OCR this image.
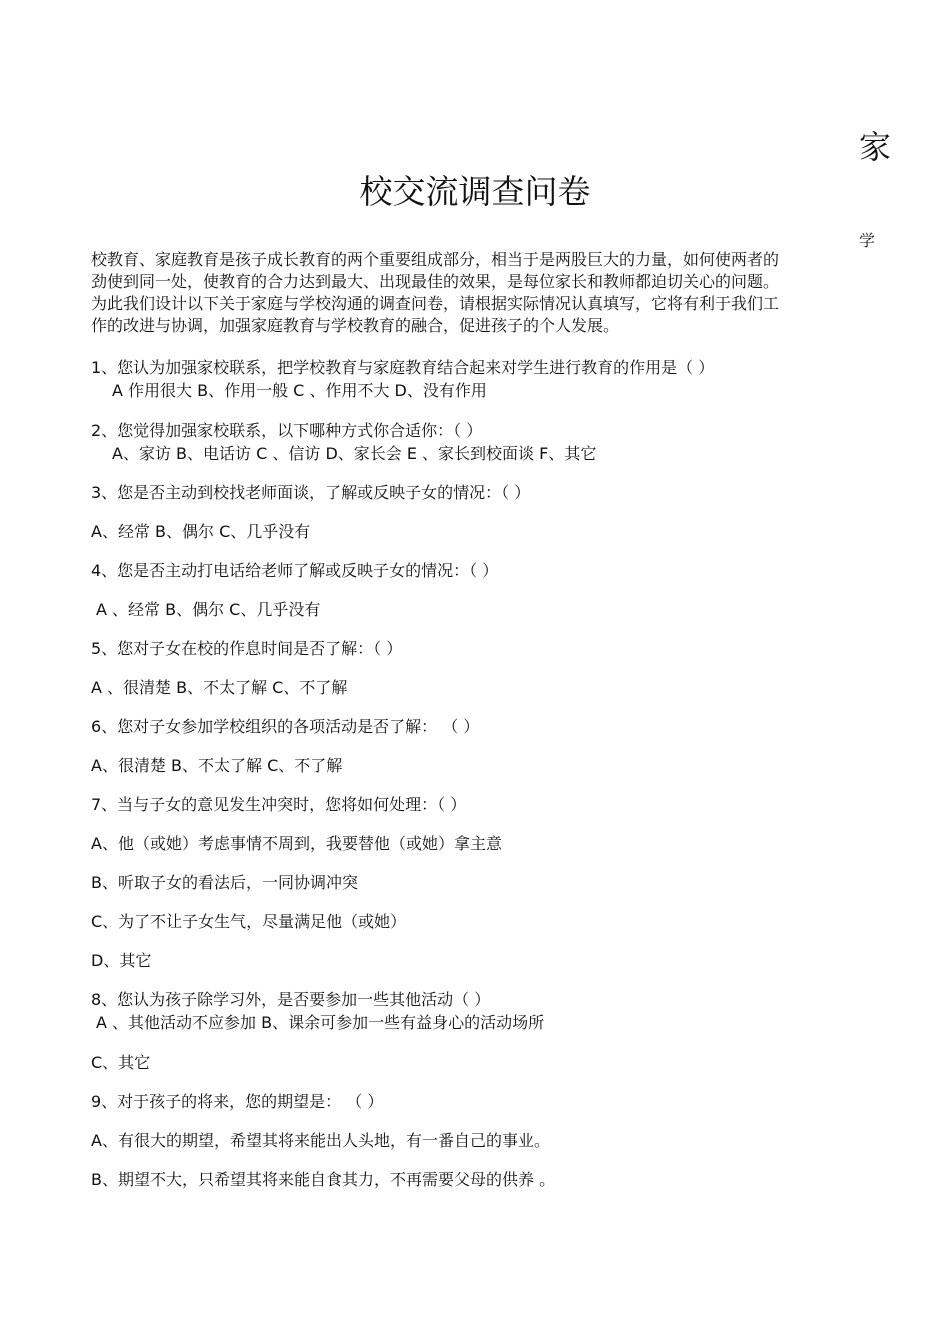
家
校交流调查问卷
学
校教育、家庭教育是孩子成长教育的两个重要组成部分，相当于是两股巨大的力量，如何使两者的
劲使到同一处，使教育的合力达到最大、出现最佳的效果，是每位家长和教师都迫切关心的问题。
为此我们设计以下关于家庭与学校沟通的调查问卷，请根据实际情况认真填写，它将有利于我们工
作的改进与协调，加强家庭教育与学校教育的融合，促进孩子的个人发展。
1、您认为加强家校联系，把学校教育与家庭教育结合起来对学生进行教育的作用是（ ）
A 作用很大 B、作用一般 C 、作用不大 D、没有作用
2、您觉得加强家校联系，以下哪种方式你合适你：（ ）
A、家访 B、电话访 C 、信访 D、家长会 E 、家长到校面谈 F、其它
3、您是否主动到校找老师面谈，了解或反映子女的情况：（ ）
A、经常 B、偶尔 C、几乎没有
4、您是否主动打电话给老师了解或反映子女的情况：（ ）
A 、经常 B、偶尔 C、几乎没有
5、您对子女在校的作息时间是否了解：（ ）
A 、很清楚 B、不太了解 C、不了解
6、您对子女参加学校组织的各项活动是否了解： （ ）
A、很清楚 B、不太了解 C、不了解
7、当与子女的意见发生冲突时，您将如何处理：（ ）
A、他（或她）考虑事情不周到，我要替他（或她）拿主意
B、听取子女的看法后，一同协调冲突
C、为了不让子女生气，尽量满足他（或她）
D、其它
8、您认为孩子除学习外，是否要参加一些其他活动（ ）
A 、其他活动不应参加 B、课余可参加一些有益身心的活动场所
C、其它
9、对于孩子的将来，您的期望是： （ ）
A、有很大的期望，希望其将来能出人头地，有一番自己的事业。
B、期望不大，只希望其将来能自食其力，不再需要父母的供养 。
